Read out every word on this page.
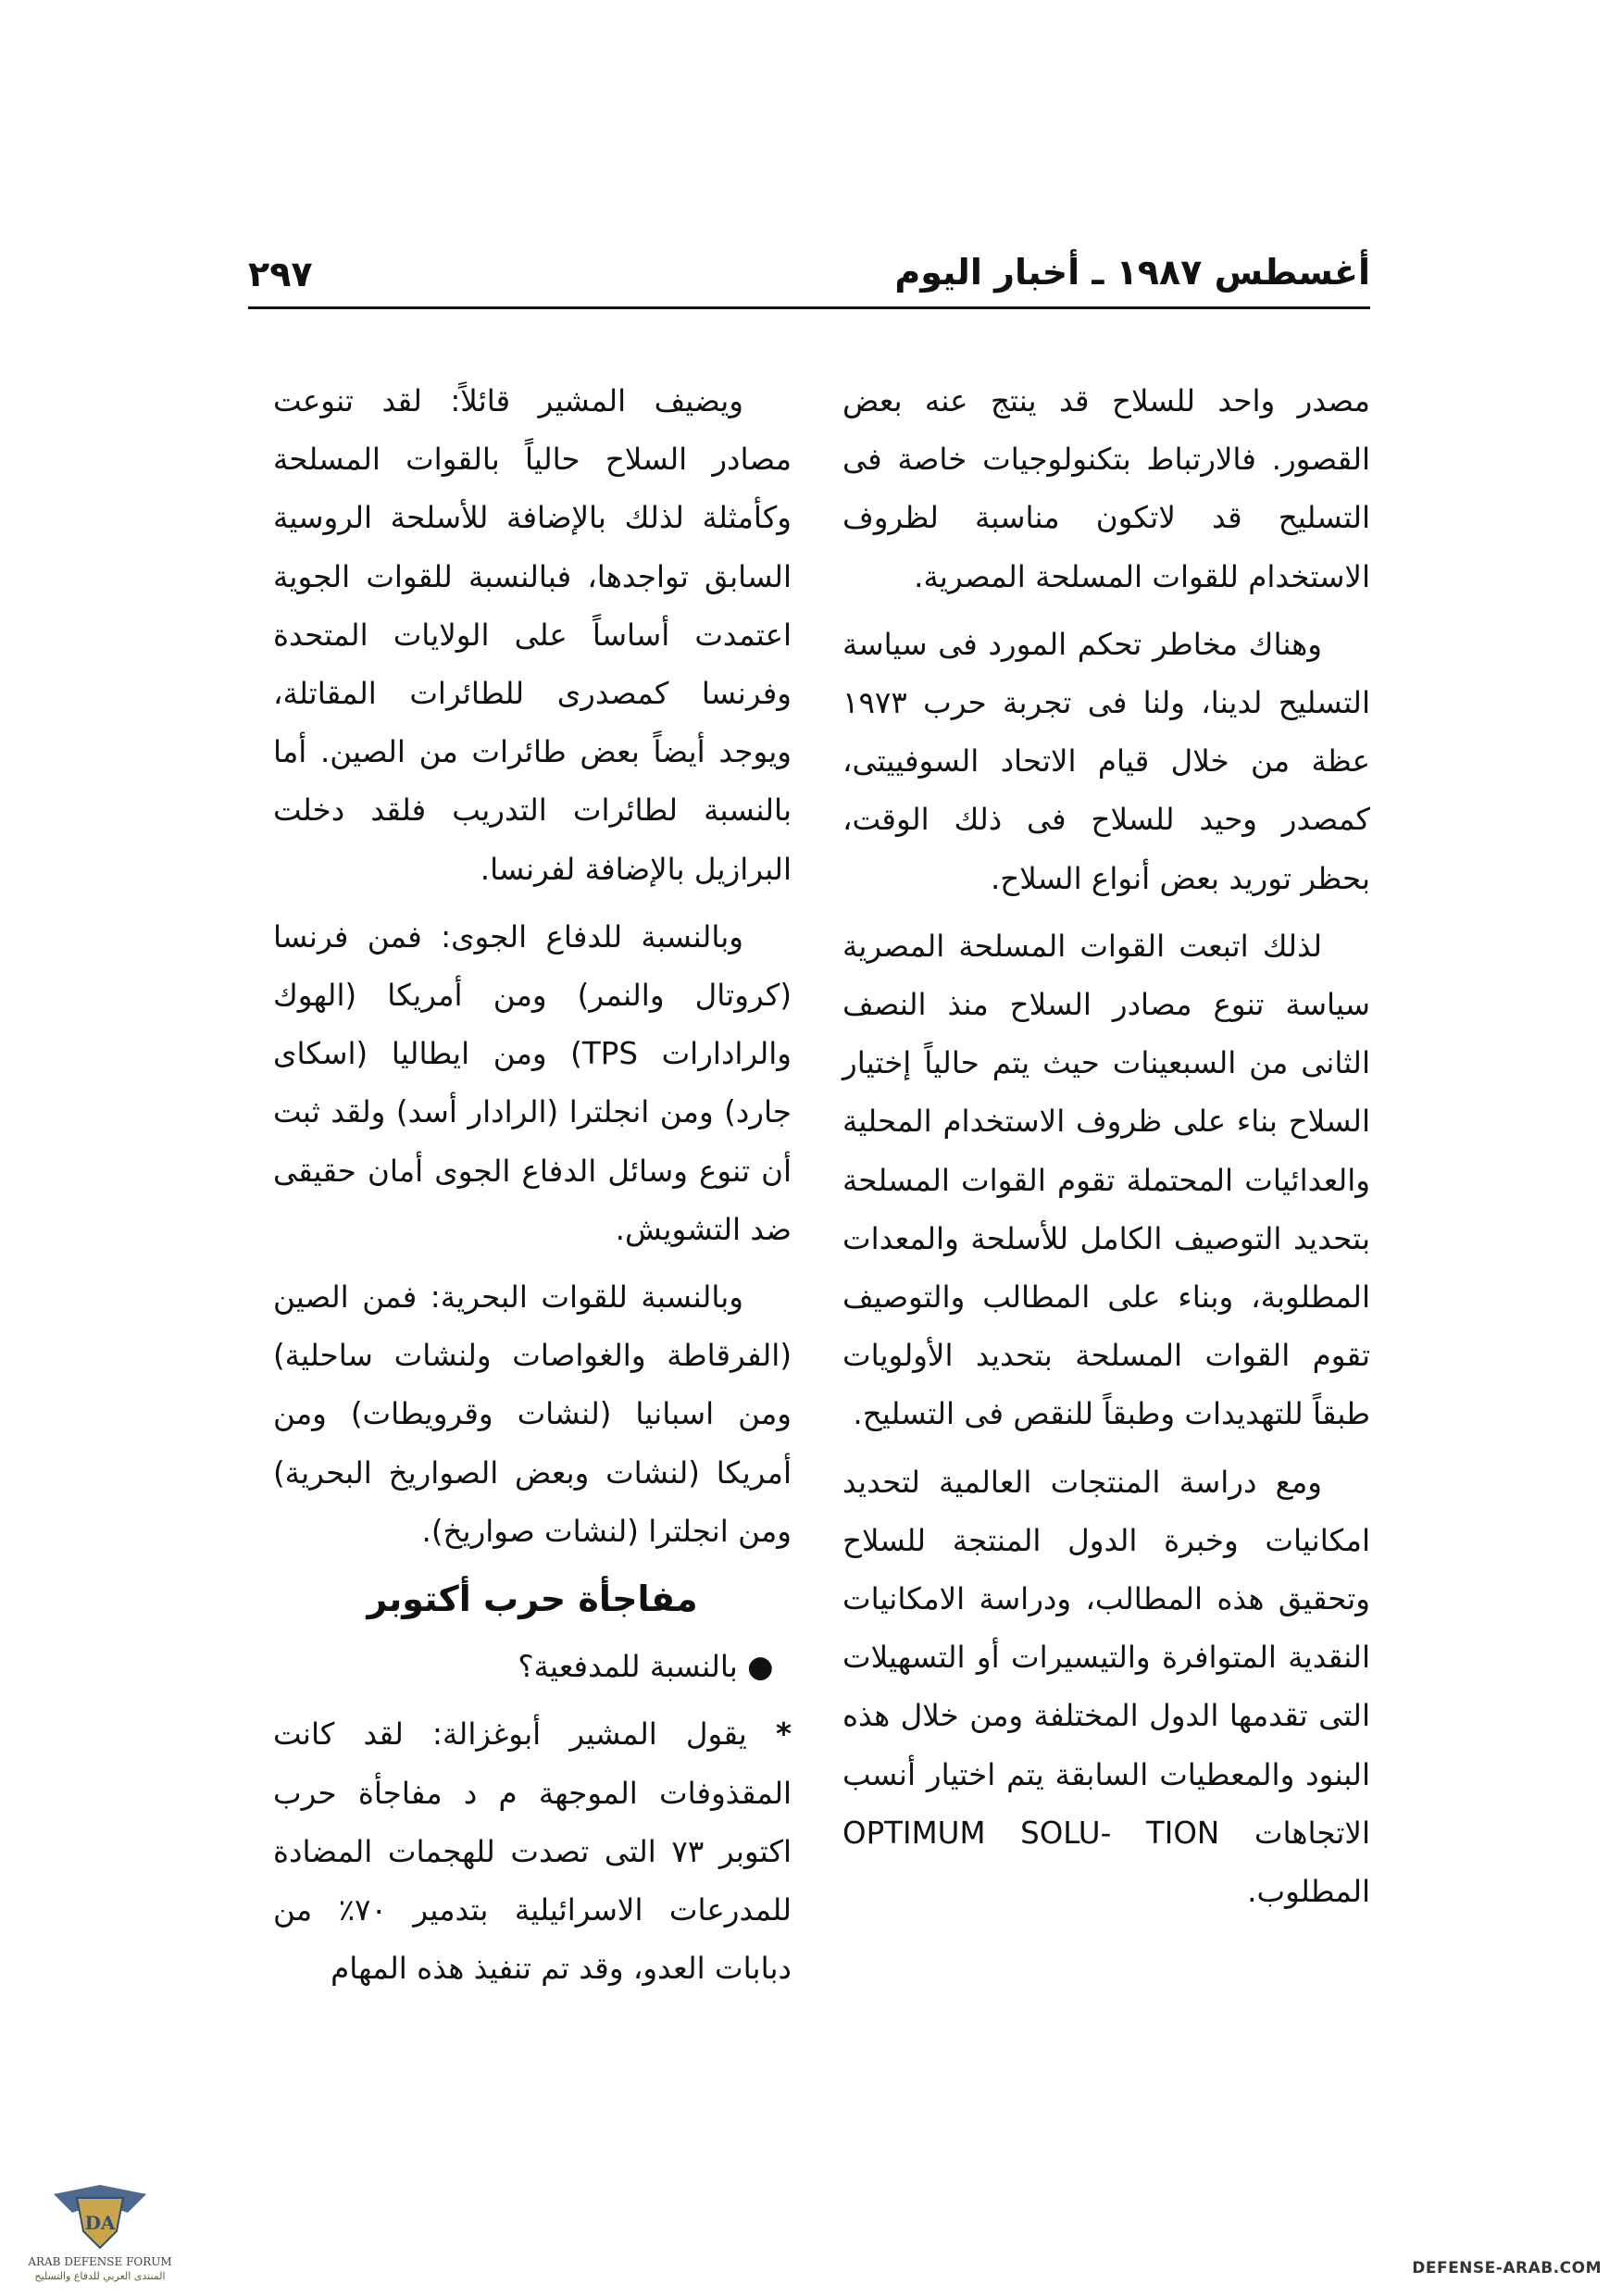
أغسطس ١٩٨٧ ـ أخبار اليوم
٢٩٧

مصدر واحد للسلاح قد ينتج عنه بعض القصور. فالارتباط بتكنولوجيات خاصة فى التسليح قد لاتكون مناسبة لظروف الاستخدام للقوات المسلحة المصرية.

وهناك مخاطر تحكم المورد فى سياسة التسليح لدينا، ولنا فى تجربة حرب ١٩٧٣ عظة من خلال قيام الاتحاد السوفييتى، كمصدر وحيد للسلاح فى ذلك الوقت، بحظر توريد بعض أنواع السلاح.

لذلك اتبعت القوات المسلحة المصرية سياسة تنوع مصادر السلاح منذ النصف الثانى من السبعينات حيث يتم حالياً إختيار السلاح بناء على ظروف الاستخدام المحلية والعدائيات المحتملة تقوم القوات المسلحة بتحديد التوصيف الكامل للأسلحة والمعدات المطلوبة، وبناء على المطالب والتوصيف تقوم القوات المسلحة بتحديد الأولويات طبقاً للتهديدات وطبقاً للنقص فى التسليح.

ومع دراسة المنتجات العالمية لتحديد امكانيات وخبرة الدول المنتجة للسلاح وتحقيق هذه المطالب، ودراسة الامكانيات النقدية المتوافرة والتيسيرات أو التسهيلات التى تقدمها الدول المختلفة ومن خلال هذه البنود والمعطيات السابقة يتم اختيار أنسب الاتجاهات OPTIMUM SOLU- TION المطلوب.

ويضيف المشير قائلاً: لقد تنوعت مصادر السلاح حالياً بالقوات المسلحة وكأمثلة لذلك بالإضافة للأسلحة الروسية السابق تواجدها، فبالنسبة للقوات الجوية اعتمدت أساساً على الولايات المتحدة وفرنسا كمصدرى للطائرات المقاتلة، ويوجد أيضاً بعض طائرات من الصين. أما بالنسبة لطائرات التدريب فلقد دخلت البرازيل بالإضافة لفرنسا.

وبالنسبة للدفاع الجوى: فمن فرنسا (كروتال والنمر) ومن أمريكا (الهوك والرادارات TPS) ومن ايطاليا (اسكاى جارد) ومن انجلترا (الرادار أسد) ولقد ثبت أن تنوع وسائل الدفاع الجوى أمان حقيقى ضد التشويش.

وبالنسبة للقوات البحرية: فمن الصين (الفرقاطة والغواصات ولنشات ساحلية) ومن اسبانيا (لنشات وقرويطات) ومن أمريكا (لنشات وبعض الصواريخ البحرية) ومن انجلترا (لنشات صواريخ).

مفاجأة حرب أكتوبر

● بالنسبة للمدفعية؟

* يقول المشير أبوغزالة: لقد كانت المقذوفات الموجهة م د مفاجأة حرب اكتوبر ٧٣ التى تصدت للهجمات المضادة للمدرعات الاسرائيلية بتدمير ٧٠٪ من دبابات العدو، وقد تم تنفيذ هذه المهام

DA
ARAB DEFENSE FORUM
المنتدى العربي للدفاع والتسليح	DEFENSE-ARAB.COM
